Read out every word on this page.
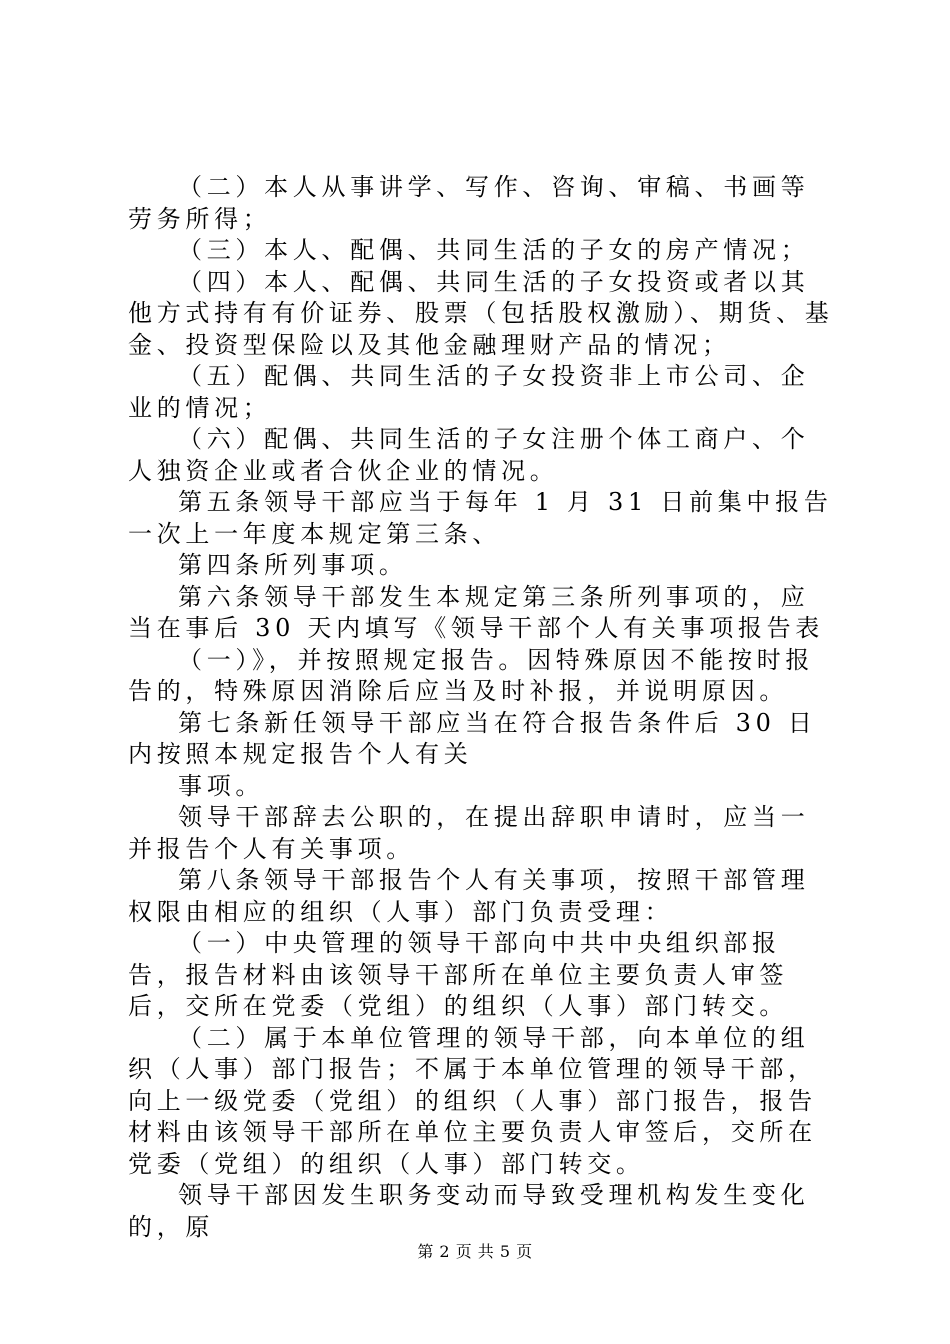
（二）本人从事讲学、写作、咨询、审稿、书画等劳务所得；

（三）本人、配偶、共同生活的子女的房产情况；

（四）本人、配偶、共同生活的子女投资或者以其他方式持有有价证券、股票（包括股权激励）、期货、基金、投资型保险以及其他金融理财产品的情况；

（五）配偶、共同生活的子女投资非上市公司、企业的情况；

（六）配偶、共同生活的子女注册个体工商户、个人独资企业或者合伙企业的情况。

第五条领导干部应当于每年 1 月 31 日前集中报告一次上一年度本规定第三条、

第四条所列事项。

第六条领导干部发生本规定第三条所列事项的，应当在事后 30 天内填写《领导干部个人有关事项报告表

（一）》，并按照规定报告。因特殊原因不能按时报告的，特殊原因消除后应当及时补报，并说明原因。

第七条新任领导干部应当在符合报告条件后 30 日内按照本规定报告个人有关

事项。

领导干部辞去公职的，在提出辞职申请时，应当一并报告个人有关事项。

第八条领导干部报告个人有关事项，按照干部管理权限由相应的组织（人事）部门负责受理：

（一）中央管理的领导干部向中共中央组织部报告，报告材料由该领导干部所在单位主要负责人审签后，交所在党委（党组）的组织（人事）部门转交。

（二）属于本单位管理的领导干部，向本单位的组织（人事）部门报告；不属于本单位管理的领导干部，向上一级党委（党组）的组织（人事）部门报告，报告材料由该领导干部所在单位主要负责人审签后，交所在党委（党组）的组织（人事）部门转交。

领导干部因发生职务变动而导致受理机构发生变化的，原

第 2 页 共 5 页
